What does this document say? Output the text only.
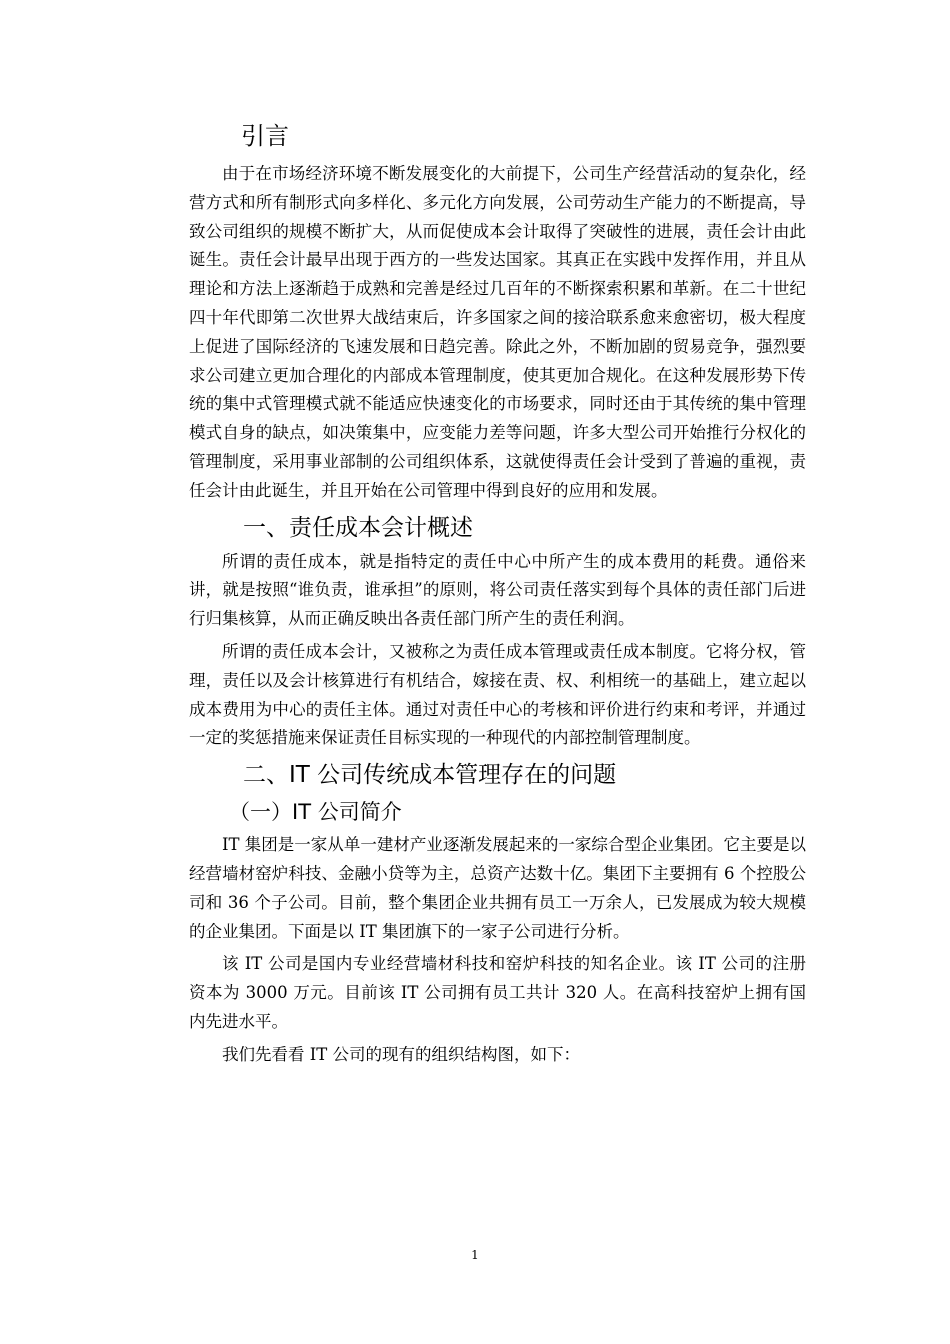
引言

由于在市场经济环境不断发展变化的大前提下，公司生产经营活动的复杂化，经营方式和所有制形式向多样化、多元化方向发展，公司劳动生产能力的不断提高，导致公司组织的规模不断扩大，从而促使成本会计取得了突破性的进展，责任会计由此诞生。责任会计最早出现于西方的一些发达国家。其真正在实践中发挥作用，并且从理论和方法上逐渐趋于成熟和完善是经过几百年的不断探索积累和革新。在二十世纪四十年代即第二次世界大战结束后，许多国家之间的接洽联系愈来愈密切，极大程度上促进了国际经济的飞速发展和日趋完善。除此之外，不断加剧的贸易竞争，强烈要求公司建立更加合理化的内部成本管理制度，使其更加合规化。在这种发展形势下传统的集中式管理模式就不能适应快速变化的市场要求，同时还由于其传统的集中管理模式自身的缺点，如决策集中，应变能力差等问题，许多大型公司开始推行分权化的管理制度，采用事业部制的公司组织体系，这就使得责任会计受到了普遍的重视，责任会计由此诞生，并且开始在公司管理中得到良好的应用和发展。

一、责任成本会计概述

所谓的责任成本，就是指特定的责任中心中所产生的成本费用的耗费。通俗来讲，就是按照“谁负责，谁承担”的原则，将公司责任落实到每个具体的责任部门后进行归集核算，从而正确反映出各责任部门所产生的责任利润。

所谓的责任成本会计，又被称之为责任成本管理或责任成本制度。它将分权，管理，责任以及会计核算进行有机结合，嫁接在责、权、利相统一的基础上，建立起以成本费用为中心的责任主体。通过对责任中心的考核和评价进行约束和考评，并通过一定的奖惩措施来保证责任目标实现的一种现代的内部控制管理制度。

二、IT 公司传统成本管理存在的问题
（一）IT 公司简介

IT 集团是一家从单一建材产业逐渐发展起来的一家综合型企业集团。它主要是以经营墙材窑炉科技、金融小贷等为主，总资产达数十亿。集团下主要拥有 6 个控股公司和 36 个子公司。目前，整个集团企业共拥有员工一万余人，已发展成为较大规模的企业集团。下面是以 IT 集团旗下的一家子公司进行分析。

该 IT 公司是国内专业经营墙材科技和窑炉科技的知名企业。该 IT 公司的注册资本为 3000 万元。目前该 IT 公司拥有员工共计 320 人。在高科技窑炉上拥有国内先进水平。

我们先看看 IT 公司的现有的组织结构图，如下：

1
